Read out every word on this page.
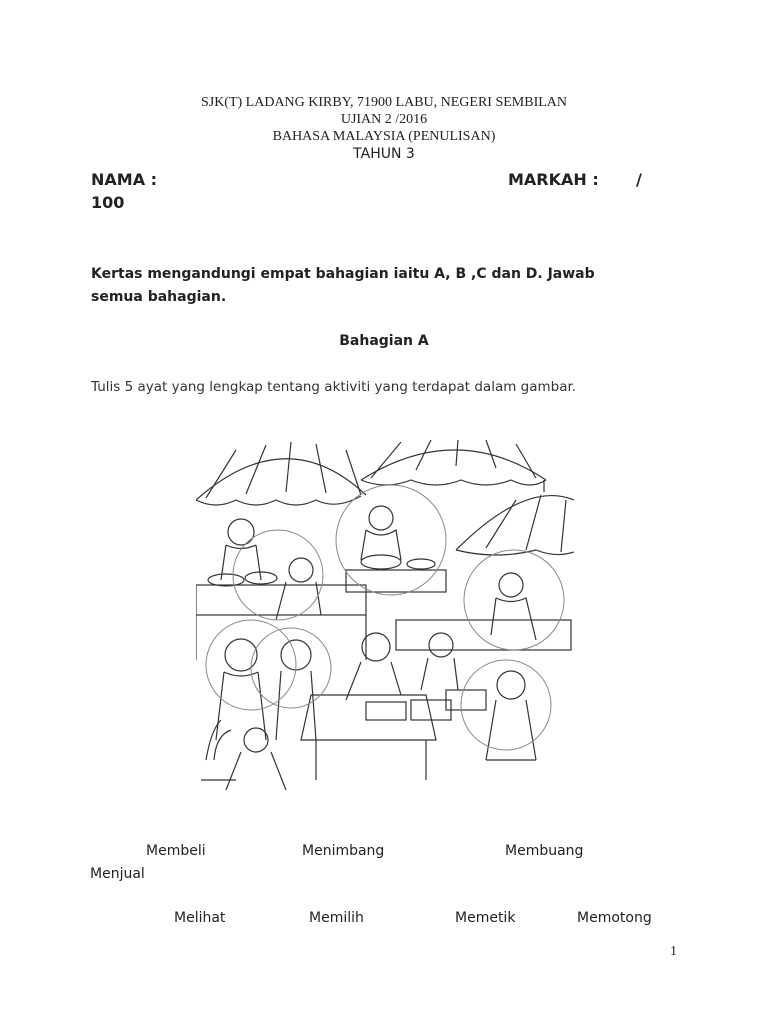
SJK(T) LADANG KIRBY, 71900 LABU, NEGERI SEMBILAN
UJIAN 2 /2016
BAHASA MALAYSIA (PENULISAN)
TAHUN 3
NAMA :	MARKAH : /
100
Kertas mengandungi empat bahagian iaitu A, B ,C dan D. Jawab
semua bahagian.
Bahagian A
Tulis 5 ayat yang lengkap tentang aktiviti yang terdapat dalam gambar.
Membeli	Menimbang	Membuang
Menjual
Melihat	Memilih	Memetik	Memotong
1
